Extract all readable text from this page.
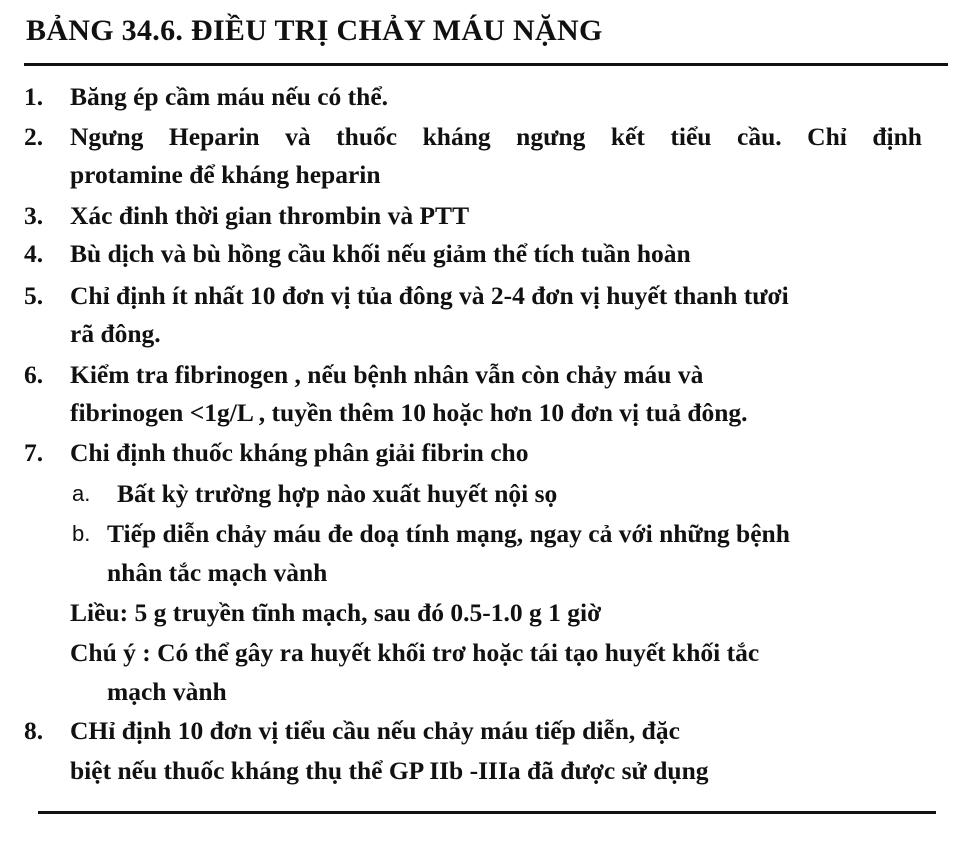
BẢNG 34.6. ĐIỀU TRỊ CHẢY MÁU NẶNG
1. Băng ép cầm máu nếu có thể.
2. Ngưng Heparin và thuốc kháng ngưng kết tiểu cầu. Chỉ định
protamine để kháng heparin
3. Xác đinh thời gian thrombin và PTT
4. Bù dịch và bù hồng cầu khối nếu giảm thể tích tuần hoàn
5. Chỉ định ít nhất 10 đơn vị tủa đông và 2-4 đơn vị huyết thanh tươi
rã đông.
6. Kiểm tra fibrinogen , nếu bệnh nhân vẫn còn chảy máu và
fibrinogen <1g/L , tuyền thêm 10 hoặc hơn 10 đơn vị tuả đông.
7. Chi định thuốc kháng phân giải fibrin cho
a. Bất kỳ trường hợp nào xuất huyết nội sọ
b. Tiếp diễn chảy máu đe doạ tính mạng, ngay cả với những bệnh
nhân tắc mạch vành
Liều: 5 g truyền tĩnh mạch, sau đó 0.5-1.0 g 1 giờ
Chú ý : Có thể gây ra huyết khối trơ hoặc tái tạo huyết khối tắc
mạch vành
8. CHỉ định 10 đơn vị tiểu cầu nếu chảy máu tiếp diễn, đặc
biệt nếu thuốc kháng thụ thể GP IIb -IIIa đã được sử dụng
